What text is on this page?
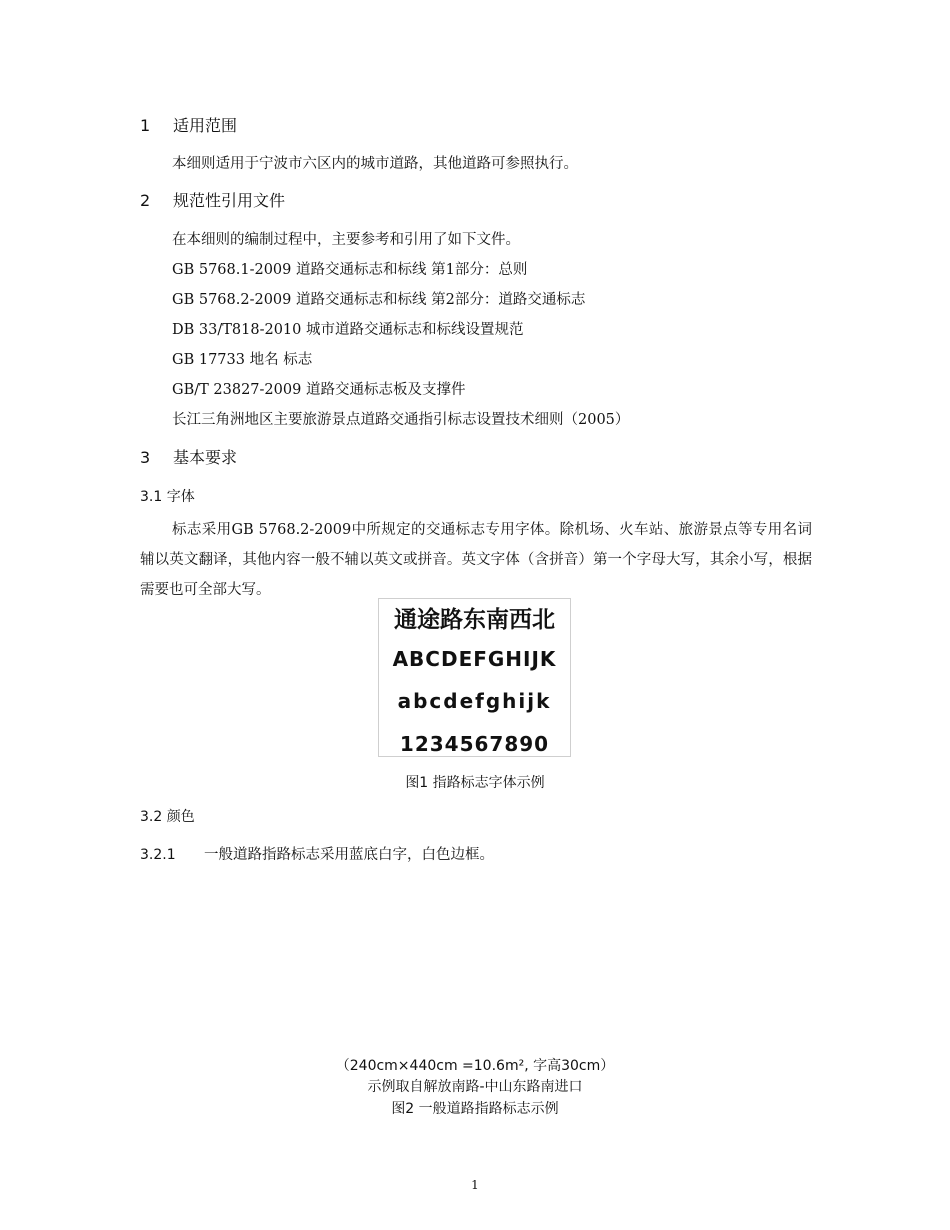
1 适用范围
本细则适用于宁波市六区内的城市道路，其他道路可参照执行。
2 规范性引用文件
在本细则的编制过程中，主要参考和引用了如下文件。
GB 5768.1-2009 道路交通标志和标线 第1部分：总则
GB 5768.2-2009 道路交通标志和标线 第2部分：道路交通标志
DB 33/T818-2010 城市道路交通标志和标线设置规范
GB 17733 地名 标志
GB/T 23827-2009 道路交通标志板及支撑件
长江三角洲地区主要旅游景点道路交通指引标志设置技术细则（2005）
3 基本要求
3.1 字体

标志采用GB 5768.2-2009中所规定的交通标志专用字体。除机场、火车站、旅游景点等专用名词辅以英文翻译，其他内容一般不辅以英文或拼音。英文字体（含拼音）第一个字母大写，其余小写，根据需要也可全部大写。

通途路东南西北
ABCDEFGHIJK
abcdefghijk
1234567890
图1 指路标志字体示例
3.2 颜色
3.2.1 一般道路指路标志采用蓝底白字，白色边框。
（240cm×440cm =10.6m², 字高30cm）
示例取自解放南路-中山东路南进口
图2 一般道路指路标志示例
1
